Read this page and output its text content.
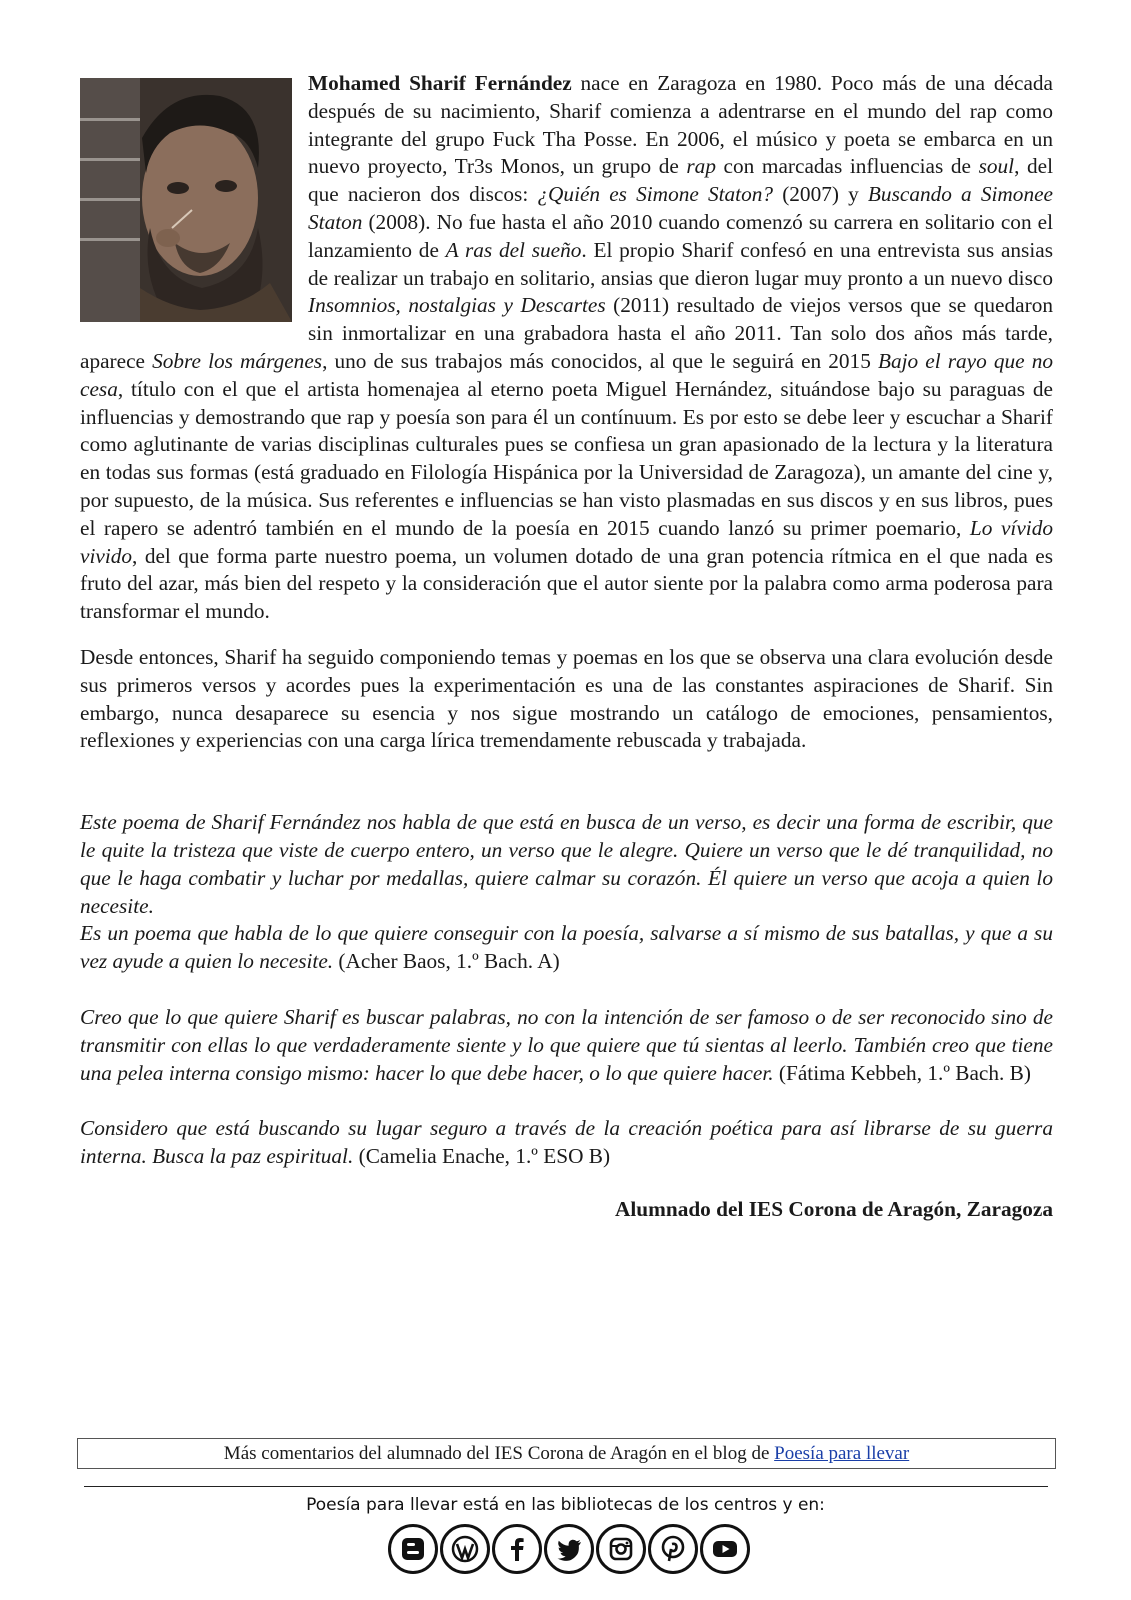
Mohamed Sharif Fernández nace en Zaragoza en 1980. Poco más de una década después de su nacimiento, Sharif comienza a adentrarse en el mundo del rap como integrante del grupo Fuck Tha Posse. En 2006, el músico y poeta se embarca en un nuevo proyecto, Tr3s Monos, un grupo de rap con marcadas influencias de soul, del que nacieron dos discos: ¿Quién es Simone Staton? (2007) y Buscando a Simonee Staton (2008). No fue hasta el año 2010 cuando comenzó su carrera en solitario con el lanzamiento de A ras del sueño. El propio Sharif confesó en una entrevista sus ansias de realizar un trabajo en solitario, ansias que dieron lugar muy pronto a un nuevo disco Insomnios, nostalgias y Descartes (2011) resultado de viejos versos que se quedaron sin inmortalizar en una grabadora hasta el año 2011. Tan solo dos años más tarde, aparece Sobre los márgenes, uno de sus trabajos más conocidos, al que le seguirá en 2015 Bajo el rayo que no cesa, título con el que el artista homenajea al eterno poeta Miguel Hernández, situándose bajo su paraguas de influencias y demostrando que rap y poesía son para él un contínuum. Es por esto se debe leer y escuchar a Sharif como aglutinante de varias disciplinas culturales pues se confiesa un gran apasionado de la lectura y la literatura en todas sus formas (está graduado en Filología Hispánica por la Universidad de Zaragoza), un amante del cine y, por supuesto, de la música. Sus referentes e influencias se han visto plasmadas en sus discos y en sus libros, pues el rapero se adentró también en el mundo de la poesía en 2015 cuando lanzó su primer poemario, Lo vívido vivido, del que forma parte nuestro poema, un volumen dotado de una gran potencia rítmica en el que nada es fruto del azar, más bien del respeto y la consideración que el autor siente por la palabra como arma poderosa para transformar el mundo.

Desde entonces, Sharif ha seguido componiendo temas y poemas en los que se observa una clara evolución desde sus primeros versos y acordes pues la experimentación es una de las constantes aspiraciones de Sharif. Sin embargo, nunca desaparece su esencia y nos sigue mostrando un catálogo de emociones, pensamientos, reflexiones y experiencias con una carga lírica tremendamente rebuscada y trabajada.

Este poema de Sharif Fernández nos habla de que está en busca de un verso, es decir una forma de escribir, que le quite la tristeza que viste de cuerpo entero, un verso que le alegre. Quiere un verso que le dé tranquilidad, no que le haga combatir y luchar por medallas, quiere calmar su corazón. Él quiere un verso que acoja a quien lo necesite.
Es un poema que habla de lo que quiere conseguir con la poesía, salvarse a sí mismo de sus batallas, y que a su vez ayude a quien lo necesite. (Acher Baos, 1.º Bach. A)

Creo que lo que quiere Sharif es buscar palabras, no con la intención de ser famoso o de ser reconocido sino de transmitir con ellas lo que verdaderamente siente y lo que quiere que tú sientas al leerlo. También creo que tiene una pelea interna consigo mismo: hacer lo que debe hacer, o lo que quiere hacer. (Fátima Kebbeh, 1.º Bach. B)

Considero que está buscando su lugar seguro a través de la creación poética para así librarse de su guerra interna. Busca la paz espiritual. (Camelia Enache, 1.º ESO B)

Alumnado del IES Corona de Aragón, Zaragoza
Más comentarios del alumnado del IES Corona de Aragón en el blog de Poesía para llevar
Poesía para llevar está en las bibliotecas de los centros y en:
